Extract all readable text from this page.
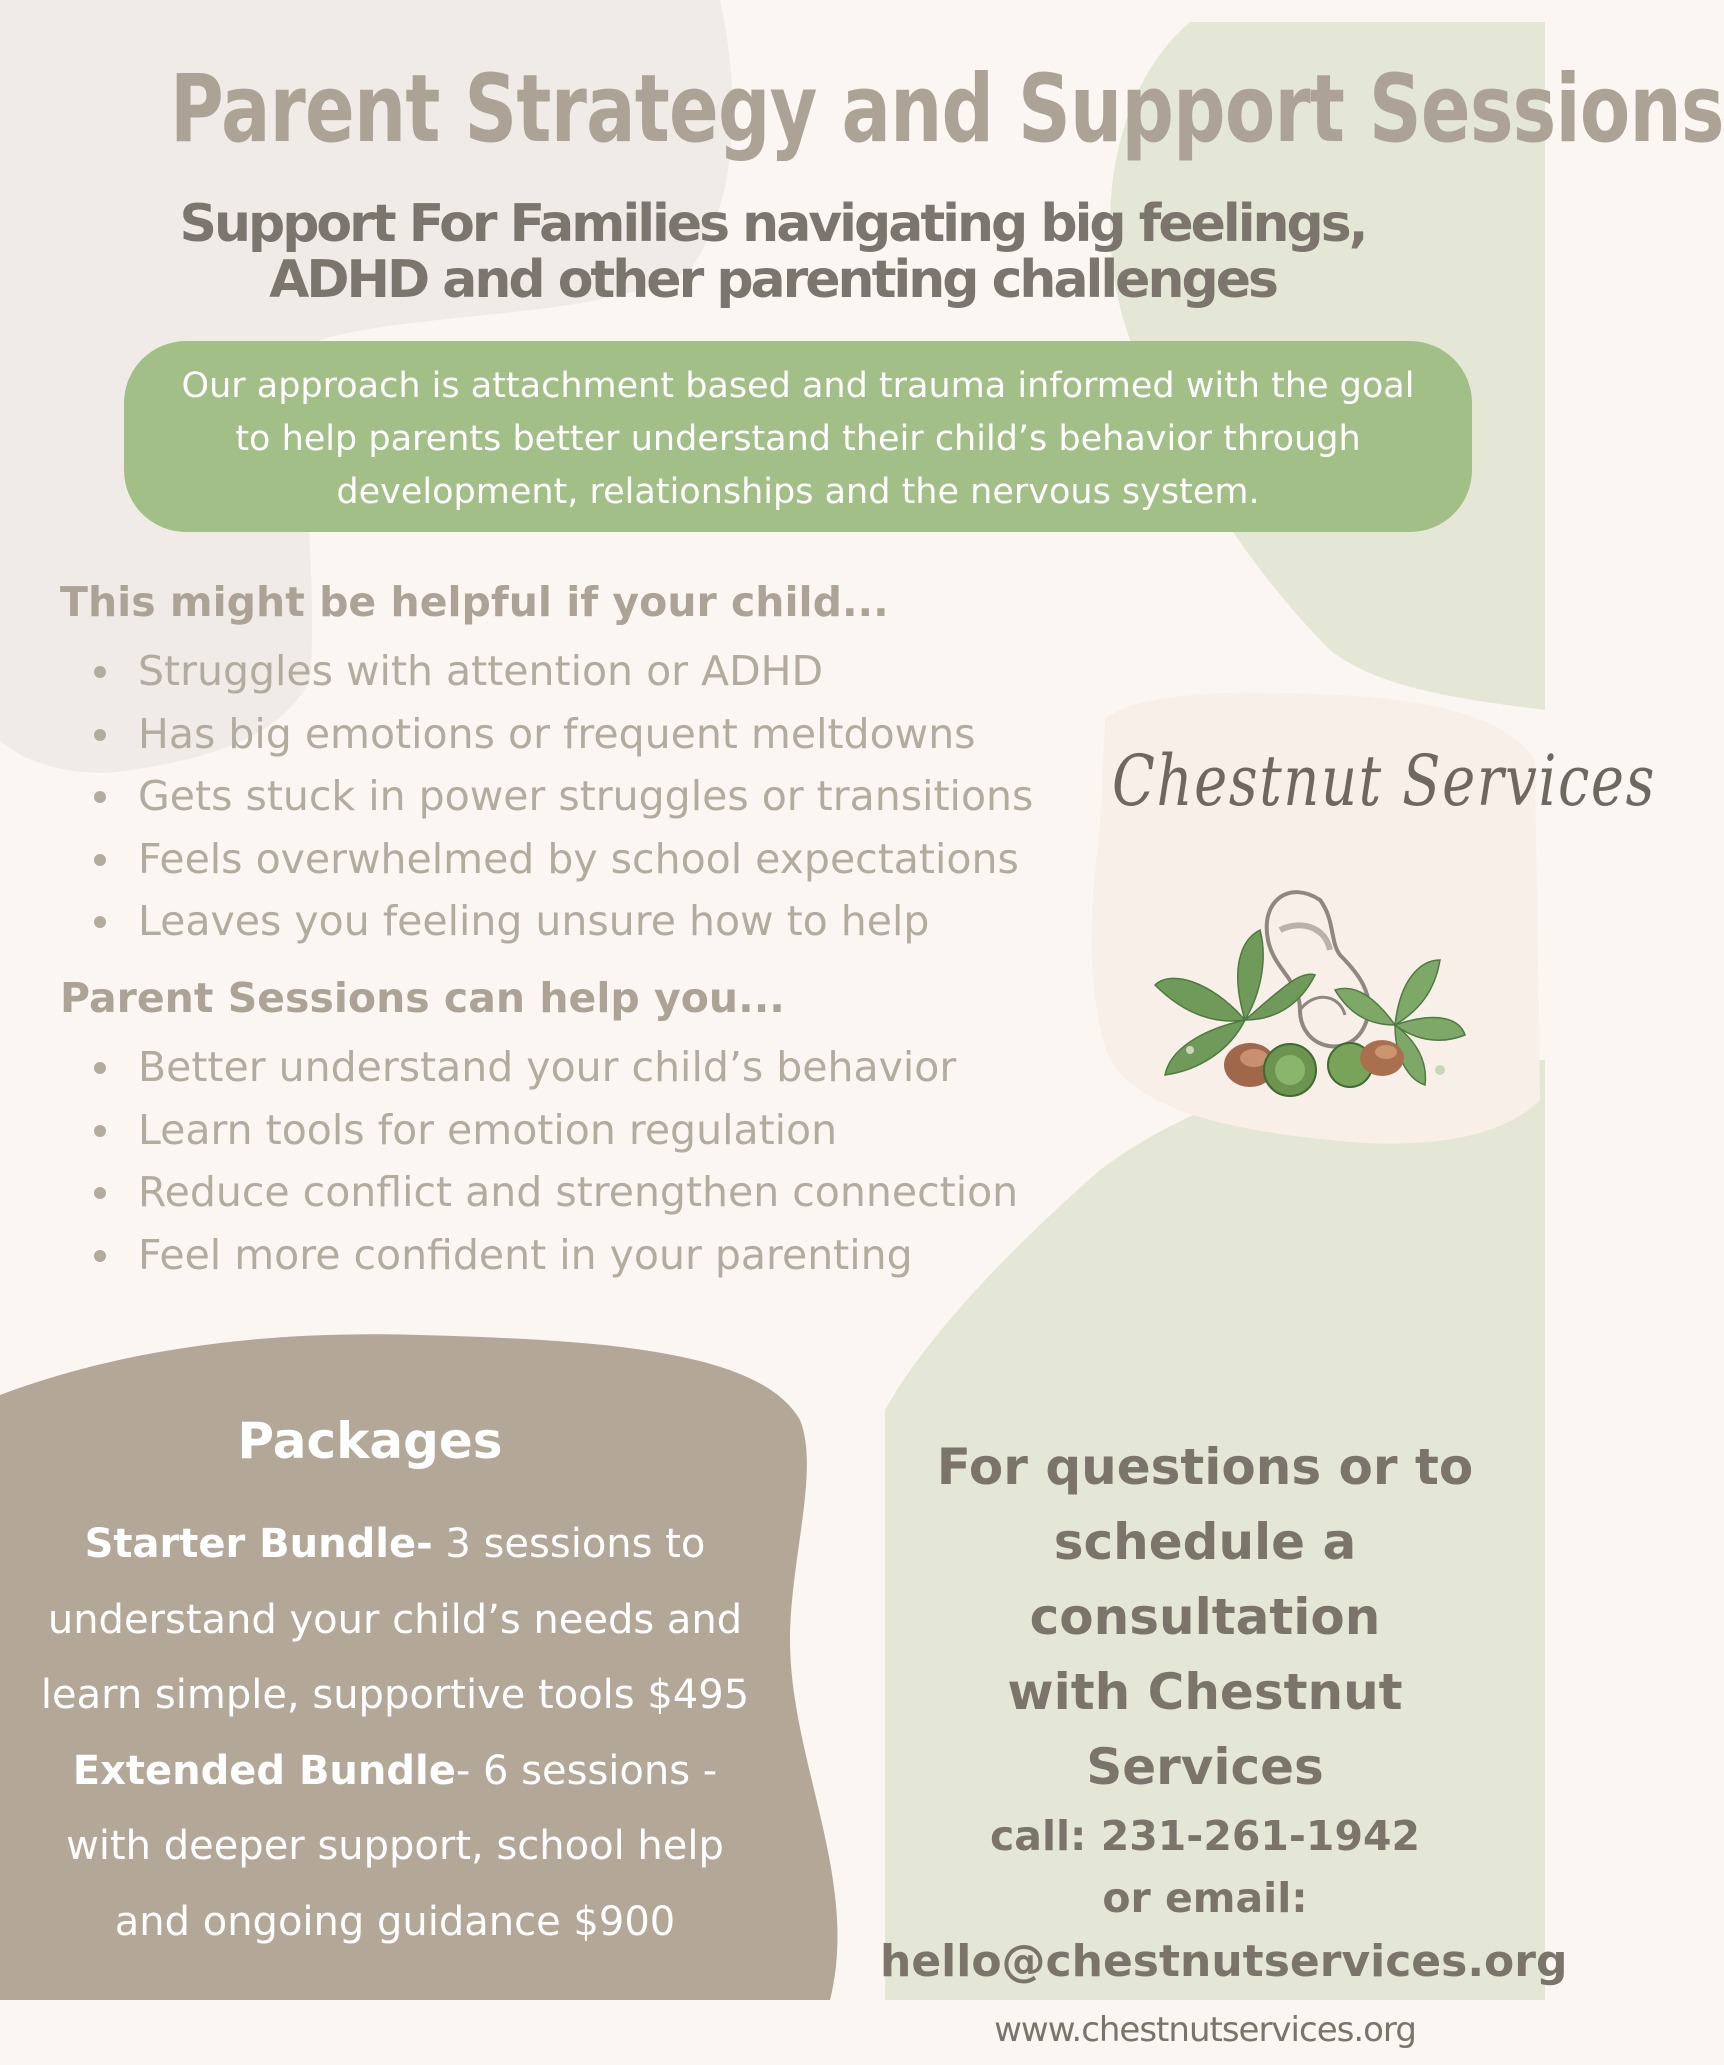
Parent Strategy and Support Sessions
Support For Families navigating big feelings,
ADHD and other parenting challenges
Our approach is attachment based and trauma informed with the goal
to help parents better understand their child’s behavior through
development, relationships and the nervous system.
This might be helpful if your child...
Struggles with attention or ADHD
Has big emotions or frequent meltdowns
Gets stuck in power struggles or transitions
Feels overwhelmed by school expectations
Leaves you feeling unsure how to help
Parent Sessions can help you...
Better understand your child’s behavior
Learn tools for emotion regulation
Reduce conflict and strengthen connection
Feel more confident in your parenting
Chestnut Services
Packages
Starter Bundle- 3 sessions to
understand your child’s needs and
learn simple, supportive tools $495
Extended Bundle- 6 sessions -
with deeper support, school help
and ongoing guidance $900
For questions or to
schedule a consultation
with Chestnut Services
call: 231-261-1942
or email:
hello@chestnutservices.org
www.chestnutservices.org
